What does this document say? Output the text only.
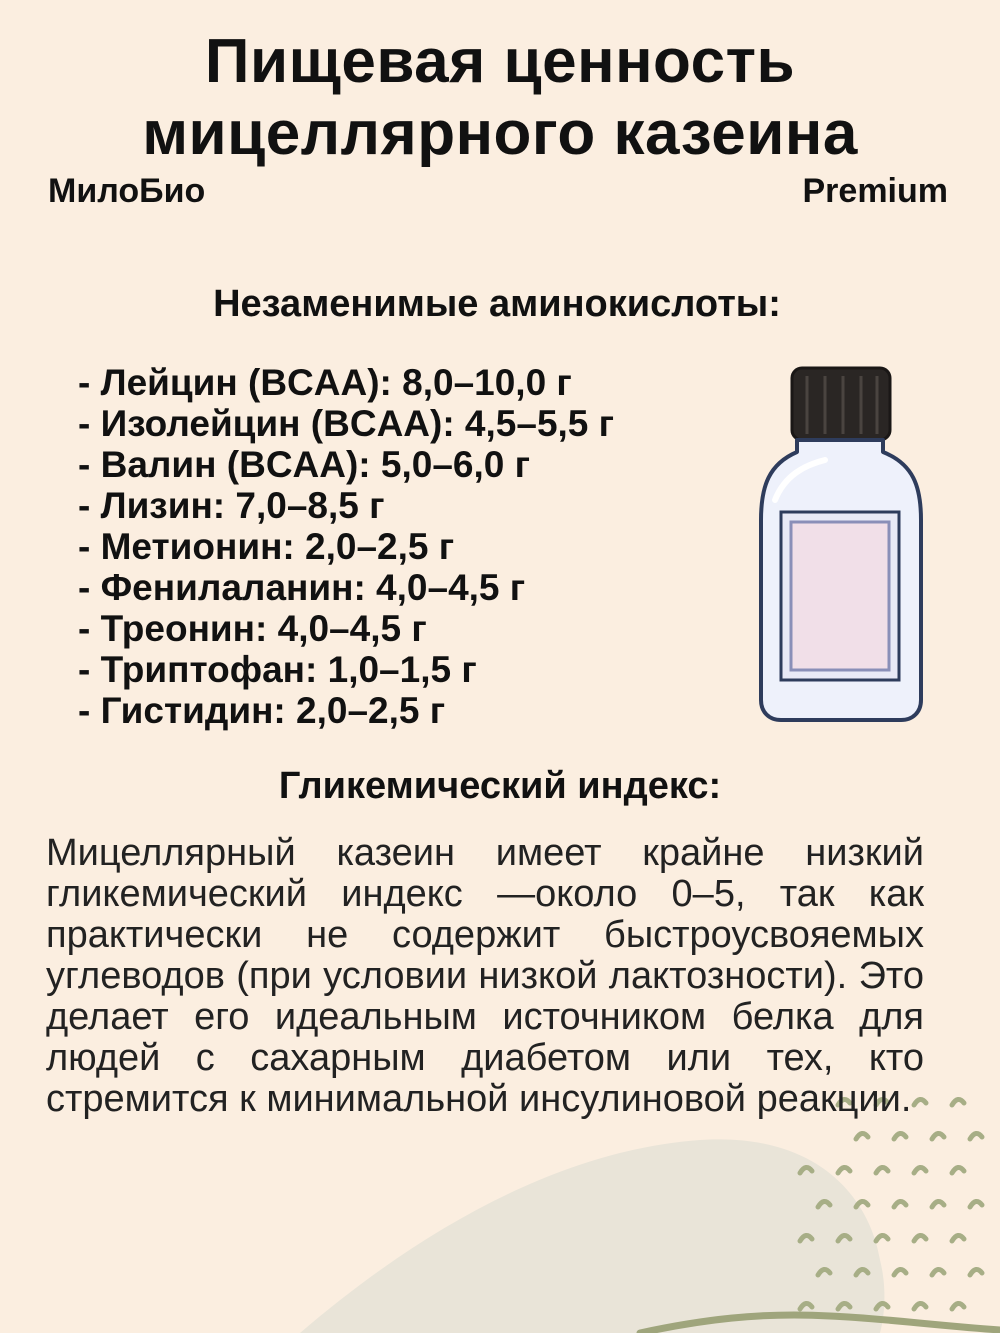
Пищевая ценность
мицеллярного казеина
МилоБио	Premium
Незаменимые аминокислоты:
- Лейцин (BCAA): 8,0–10,0 г
- Изолейцин (BCAA): 4,5–5,5 г
- Валин (BCAA): 5,0–6,0 г
- Лизин: 7,0–8,5 г
- Метионин: 2,0–2,5 г
- Фенилаланин: 4,0–4,5 г
- Треонин: 4,0–4,5 г
- Триптофан: 1,0–1,5 г
- Гистидин: 2,0–2,5 г
Гликемический индекс:
Мицеллярный казеин имеет крайне низкий гликемический индекс —около 0–5, так как практически не содержит быстроусвояемых углеводов (при условии низкой лактозности). Это делает его идеальным источником белка для людей с сахарным диабетом или тех, кто стремится к минимальной инсулиновой реакции.
